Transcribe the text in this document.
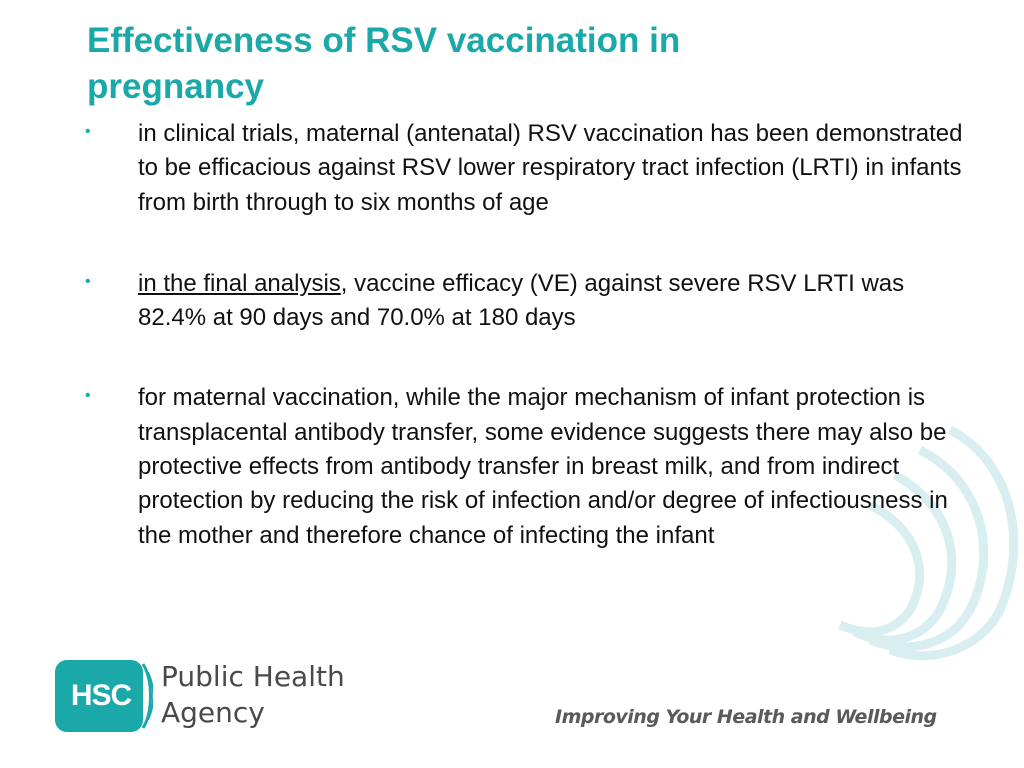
Effectiveness of RSV vaccination in
pregnancy
• in clinical trials, maternal (antenatal) RSV vaccination has been demonstrated to be efficacious against RSV lower respiratory tract infection (LRTI) in infants from birth through to six months of age
• in the final analysis, vaccine efficacy (VE) against severe RSV LRTI was 82.4% at 90 days and 70.0% at 180 days
• for maternal vaccination, while the major mechanism of infant protection is transplacental antibody transfer, some evidence suggests there may also be protective effects from antibody transfer in breast milk, and from indirect protection by reducing the risk of infection and/or degree of infectiousness in the mother and therefore chance of infecting the infant
HSC
Public Health
Agency	Improving Your Health and Wellbeing
